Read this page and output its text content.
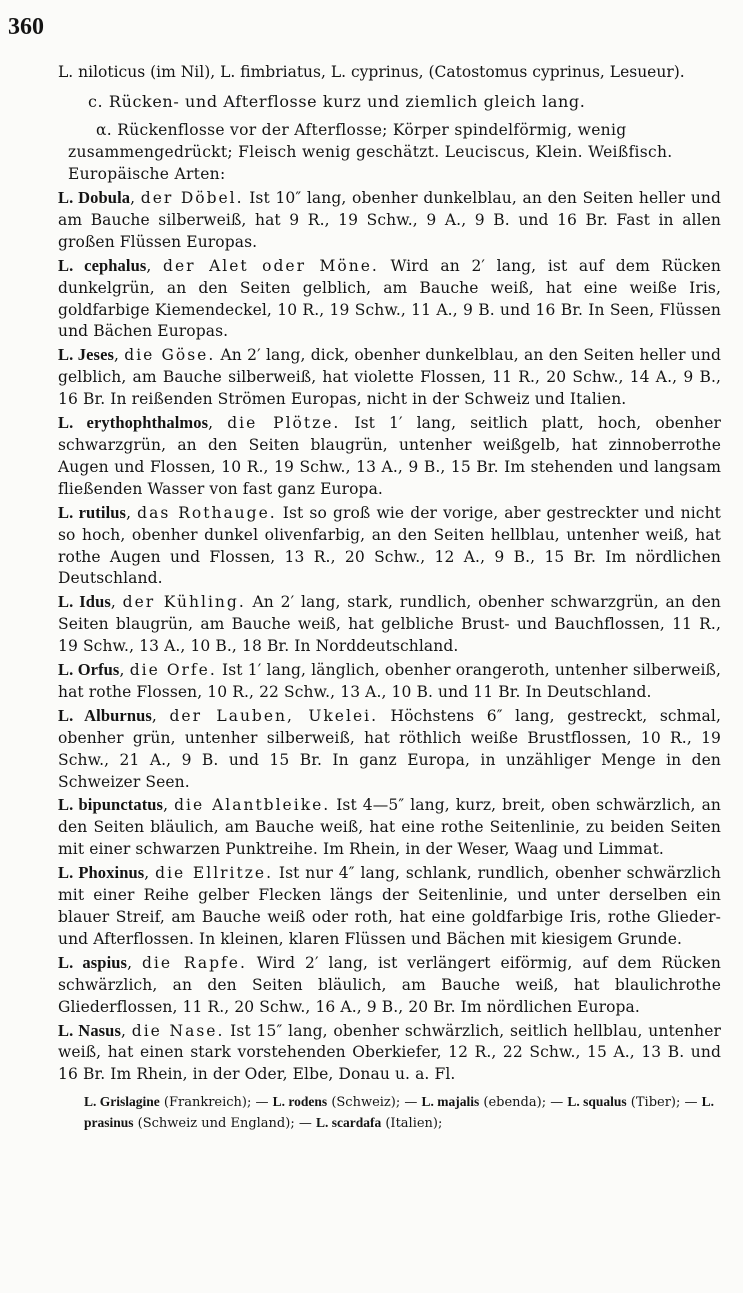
360

L. niloticus (im Nil), L. fimbriatus, L. cyprinus, (Catostomus cyprinus, Lesueur).

c. Rücken- und Afterflosse kurz und ziemlich gleich lang.

α. Rückenflosse vor der Afterflosse; Körper spindelförmig, wenig zusammengedrückt; Fleisch wenig geschätzt. Leuciscus, Klein. Weißfisch. Europäische Arten:

L. Dobula, der Döbel. Ist 10″ lang, obenher dunkelblau, an den Seiten heller und am Bauche silberweiß, hat 9 R., 19 Schw., 9 A., 9 B. und 16 Br. Fast in allen großen Flüssen Europas.

L. cephalus, der Alet oder Möne. Wird an 2′ lang, ist auf dem Rücken dunkelgrün, an den Seiten gelblich, am Bauche weiß, hat eine weiße Iris, goldfarbige Kiemendeckel, 10 R., 19 Schw., 11 A., 9 B. und 16 Br. In Seen, Flüssen und Bächen Europas.

L. Jeses, die Göse. An 2′ lang, dick, obenher dunkelblau, an den Seiten heller und gelblich, am Bauche silberweiß, hat violette Flossen, 11 R., 20 Schw., 14 A., 9 B., 16 Br. In reißenden Strömen Europas, nicht in der Schweiz und Italien.

L. erythophthalmos, die Plötze. Ist 1′ lang, seitlich platt, hoch, obenher schwarzgrün, an den Seiten blaugrün, untenher weißgelb, hat zinnoberrothe Augen und Flossen, 10 R., 19 Schw., 13 A., 9 B., 15 Br. Im stehenden und langsam fließenden Wasser von fast ganz Europa.

L. rutilus, das Rothauge. Ist so groß wie der vorige, aber gestreckter und nicht so hoch, obenher dunkel olivenfarbig, an den Seiten hellblau, untenher weiß, hat rothe Augen und Flossen, 13 R., 20 Schw., 12 A., 9 B., 15 Br. Im nördlichen Deutschland.

L. Idus, der Kühling. An 2′ lang, stark, rundlich, obenher schwarzgrün, an den Seiten blaugrün, am Bauche weiß, hat gelbliche Brust- und Bauchflossen, 11 R., 19 Schw., 13 A., 10 B., 18 Br. In Norddeutschland.

L. Orfus, die Orfe. Ist 1′ lang, länglich, obenher orangeroth, untenher silberweiß, hat rothe Flossen, 10 R., 22 Schw., 13 A., 10 B. und 11 Br. In Deutschland.

L. Alburnus, der Lauben, Ukelei. Höchstens 6″ lang, gestreckt, schmal, obenher grün, untenher silberweiß, hat röthlich weiße Brustflossen, 10 R., 19 Schw., 21 A., 9 B. und 15 Br. In ganz Europa, in unzähliger Menge in den Schweizer Seen.

L. bipunctatus, die Alantbleike. Ist 4—5″ lang, kurz, breit, oben schwärzlich, an den Seiten bläulich, am Bauche weiß, hat eine rothe Seitenlinie, zu beiden Seiten mit einer schwarzen Punktreihe. Im Rhein, in der Weser, Waag und Limmat.

L. Phoxinus, die Ellritze. Ist nur 4″ lang, schlank, rundlich, obenher schwärzlich mit einer Reihe gelber Flecken längs der Seitenlinie, und unter derselben ein blauer Streif, am Bauche weiß oder roth, hat eine goldfarbige Iris, rothe Glieder- und Afterflossen. In kleinen, klaren Flüssen und Bächen mit kiesigem Grunde.

L. aspius, die Rapfe. Wird 2′ lang, ist verlängert eiförmig, auf dem Rücken schwärzlich, an den Seiten bläulich, am Bauche weiß, hat blaulichrothe Gliederflossen, 11 R., 20 Schw., 16 A., 9 B., 20 Br. Im nördlichen Europa.

L. Nasus, die Nase. Ist 15″ lang, obenher schwärzlich, seitlich hellblau, untenher weiß, hat einen stark vorstehenden Oberkiefer, 12 R., 22 Schw., 15 A., 13 B. und 16 Br. Im Rhein, in der Oder, Elbe, Donau u. a. Fl.

L. Grislagine (Frankreich); — L. rodens (Schweiz); — L. majalis (ebenda); — L. squalus (Tiber); — L. prasinus (Schweiz und England); — L. scardafa (Italien);
